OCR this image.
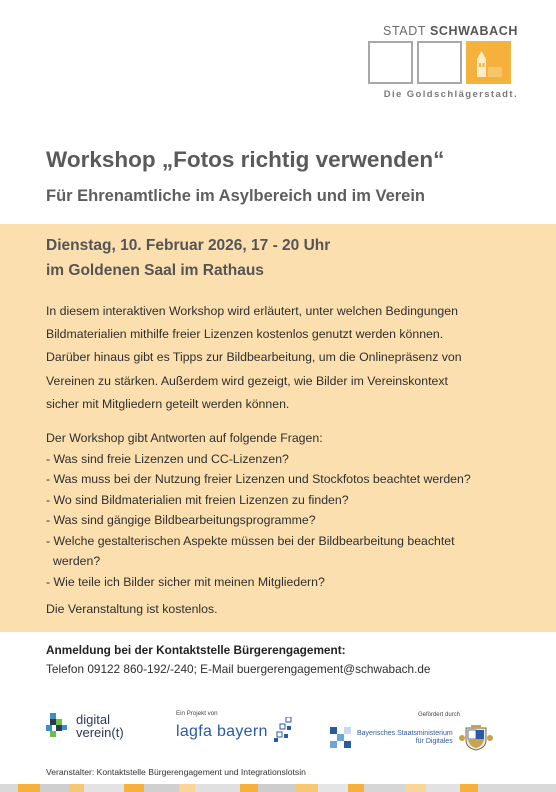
STADT SCHWABACH
Die Goldschlägerstadt.
Workshop „Fotos richtig verwenden“
Für Ehrenamtliche im Asylbereich und im Verein
Dienstag, 10. Februar 2026, 17 - 20 Uhr
im Goldenen Saal im Rathaus

In diesem interaktiven Workshop wird erläutert, unter welchen Bedingungen

Bildmaterialien mithilfe freier Lizenzen kostenlos genutzt werden können.

Darüber hinaus gibt es Tipps zur Bildbearbeitung, um die Onlinepräsenz von

Vereinen zu stärken. Außerdem wird gezeigt, wie Bilder im Vereinskontext

sicher mit Mitgliedern geteilt werden können.

Der Workshop gibt Antworten auf folgende Fragen:
- Was sind freie Lizenzen und CC-Lizenzen?
- Was muss bei der Nutzung freier Lizenzen und Stockfotos beachtet werden?
- Wo sind Bildmaterialien mit freien Lizenzen zu finden?
- Was sind gängige Bildbearbeitungsprogramme?
- Welche gestalterischen Aspekte müssen bei der Bildbearbeitung beachtet
werden?
- Wie teile ich Bilder sicher mit meinen Mitgliedern?
Die Veranstaltung ist kostenlos.
Anmeldung bei der Kontaktstelle Bürgerengagement:
Telefon 09122 860-192/-240; E-Mail buergerengagement@schwabach.de
digital
verein(t)
Ein Projekt von
lagfa bayern
Gefördert durch
Bayerisches Staatsministerium
für Digitales
Veranstalter: Kontaktstelle Bürgerengagement und Integrationslotsin
